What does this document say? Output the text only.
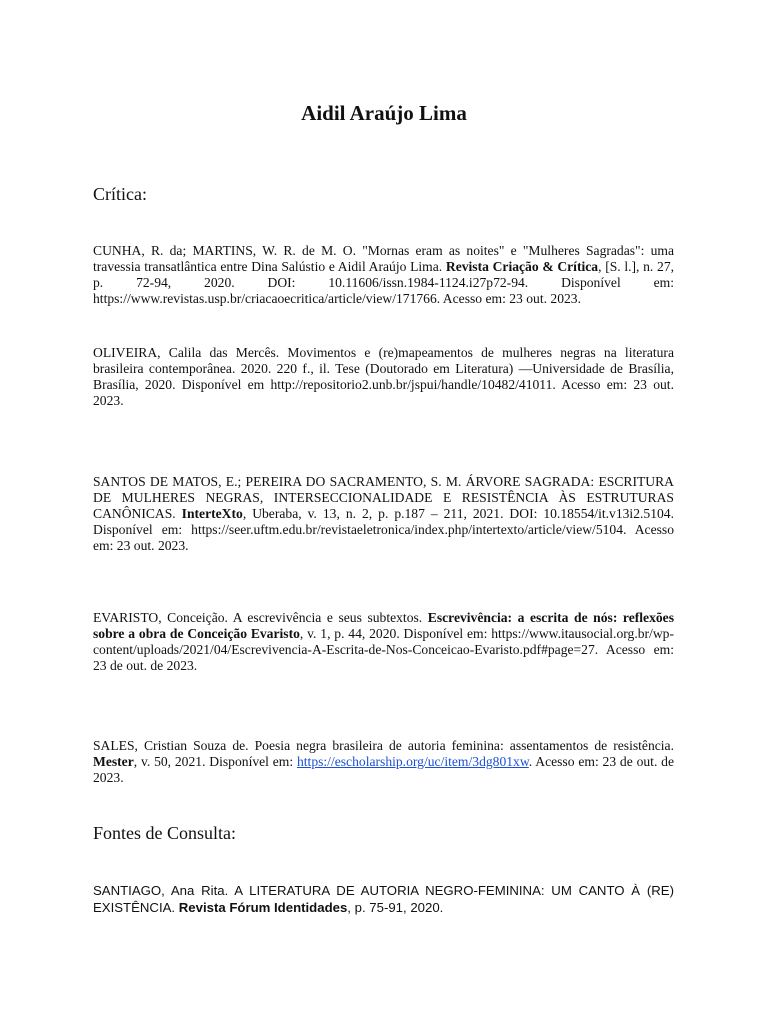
Aidil Araújo Lima
Crítica:

CUNHA, R. da; MARTINS, W. R. de M. O. "Mornas eram as noites" e "Mulheres Sagradas": uma travessia transatlântica entre Dina Salústio e Aidil Araújo Lima. Revista Criação & Crítica, [S. l.], n. 27, p. 72-94, 2020. DOI: 10.11606/issn.1984-1124.i27p72-94. Disponível em: https://www.revistas.usp.br/criacaoecritica/article/view/171766. Acesso em: 23 out. 2023.

OLIVEIRA, Calila das Mercês. Movimentos e (re)mapeamentos de mulheres negras na literatura brasileira contemporânea. 2020. 220 f., il. Tese (Doutorado em Literatura) —Universidade de Brasília, Brasília, 2020. Disponível em http://repositorio2.unb.br/jspui/handle/10482/41011. Acesso em: 23 out. 2023.

SANTOS DE MATOS, E.; PEREIRA DO SACRAMENTO, S. M. ÁRVORE SAGRADA: ESCRITURA DE MULHERES NEGRAS, INTERSECCIONALIDADE E RESISTÊNCIA ÀS ESTRUTURAS CANÔNICAS. InterteXto, Uberaba, v. 13, n. 2, p. p.187 – 211, 2021. DOI: 10.18554/it.v13i2.5104. Disponível em: https://seer.uftm.edu.br/revistaeletronica/index.php/intertexto/article/view/5104. Acesso em: 23 out. 2023.

EVARISTO, Conceição. A escrevivência e seus subtextos. Escrevivência: a escrita de nós: reflexões sobre a obra de Conceição Evaristo, v. 1, p. 44, 2020. Disponível em: https://www.itausocial.org.br/wp-content/uploads/2021/04/Escrevivencia-A-Escrita-de-Nos-Conceicao-Evaristo.pdf#page=27. Acesso em: 23 de out. de 2023.

SALES, Cristian Souza de. Poesia negra brasileira de autoria feminina: assentamentos de resistência. Mester, v. 50, 2021. Disponível em: https://escholarship.org/uc/item/3dg801xw. Acesso em: 23 de out. de 2023.

Fontes de Consulta:

SANTIAGO, Ana Rita. A LITERATURA DE AUTORIA NEGRO-FEMININA: UM CANTO À (RE) EXISTÊNCIA. Revista Fórum Identidades, p. 75-91, 2020.
